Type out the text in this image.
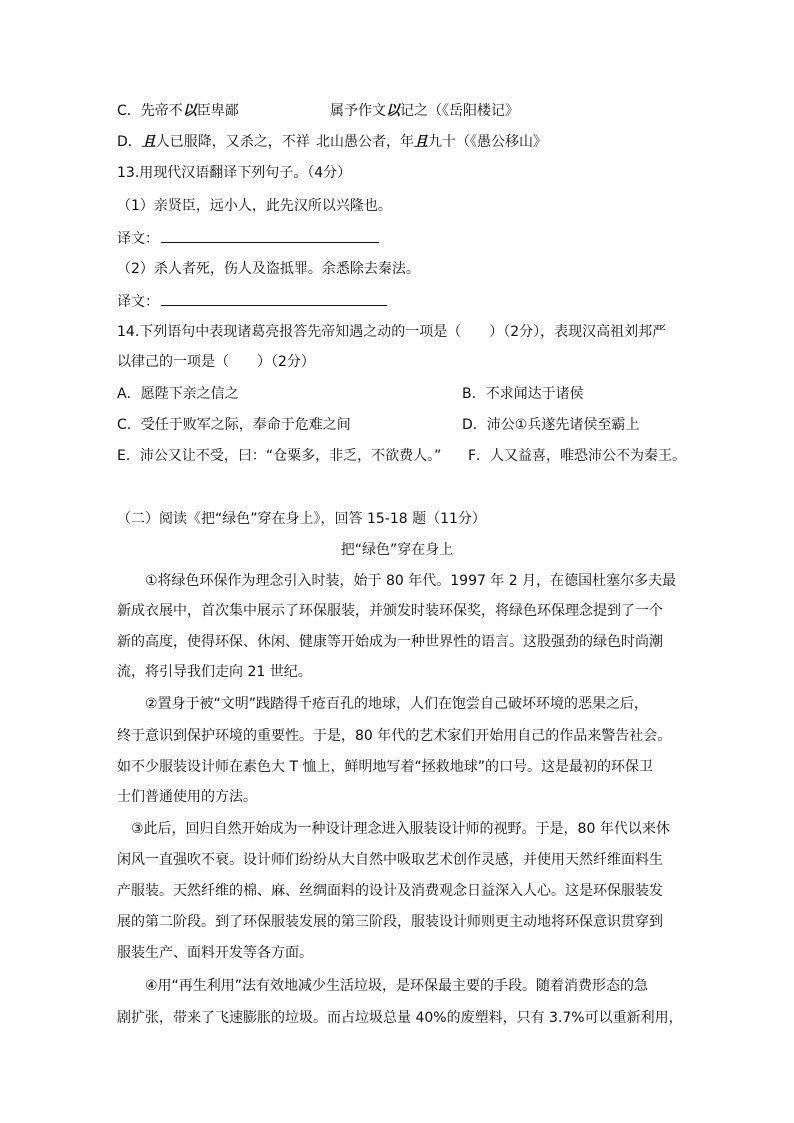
C．先帝不以臣卑鄙	属予作文以记之（《岳阳楼记》
D．且人已服降，又杀之，不祥 北山愚公者，年且九十（《愚公移山》
13.用现代汉语翻译下列句子。（4分）
（1）亲贤臣，远小人，此先汉所以兴隆也。
译文：
（2）杀人者死，伤人及盗抵罪。余悉除去秦法。
译文：
14.下列语句中表现诸葛亮报答先帝知遇之动的一项是（　　）（2分），表现汉高祖刘邦严
以律己的一项是（　　）（2分）
A．愿陛下亲之信之	B．不求闻达于诸侯
C．受任于败军之际，奉命于危难之间	D．沛公①兵遂先诸侯至霸上
E．沛公又让不受，曰：“仓粟多，非乏，不欲费人。” F．人又益喜，唯恐沛公不为秦王。
（二）阅读《把“绿色”穿在身上》，回答 15-18 题（11分）
把“绿色”穿在身上
①将绿色环保作为理念引入时装，始于 80 年代。1997 年 2 月，在德国杜塞尔多夫最
新成衣展中，首次集中展示了环保服装，并颁发时装环保奖，将绿色环保理念提到了一个
新的高度，使得环保、休闲、健康等开始成为一种世界性的语言。这股强劲的绿色时尚潮
流，将引导我们走向 21 世纪。
②置身于被“文明”践踏得千疮百孔的地球，人们在饱尝自己破坏环境的恶果之后，
终于意识到保护环境的重要性。于是，80 年代的艺术家们开始用自己的作品来警告社会。
如不少服装设计师在素色大 T 恤上，鲜明地写着“拯救地球”的口号。这是最初的环保卫
士们普通使用的方法。
③此后，回归自然开始成为一种设计理念进入服装设计师的视野。于是，80 年代以来休
闲风一直强吹不衰。设计师们纷纷从大自然中吸取艺术创作灵感，并使用天然纤维面料生
产服装。天然纤维的棉、麻、丝绸面料的设计及消费观念日益深入人心。这是环保服装发
展的第二阶段。到了环保服装发展的第三阶段，服装设计师则更主动地将环保意识贯穿到
服装生产、面料开发等各方面。
④用“再生利用”法有效地减少生活垃圾，是环保最主要的手段。随着消费形态的急
剧扩张，带来了飞速膨胀的垃圾。而占垃圾总量 40%的废塑料，只有 3.7%可以重新利用，
